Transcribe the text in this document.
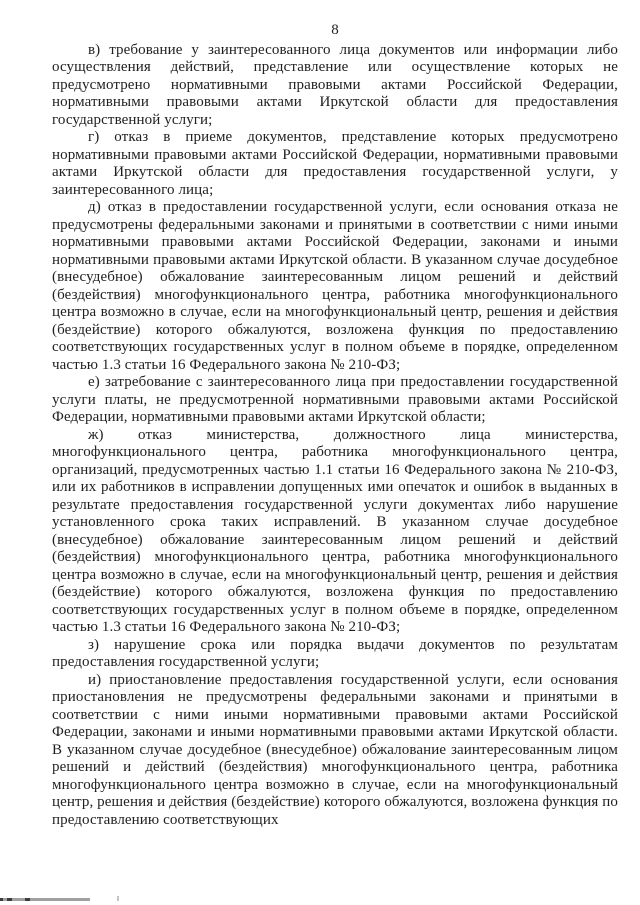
8

в) требование у заинтересованного лица документов или информации либо осуществления действий, представление или осуществление которых не предусмотрено нормативными правовыми актами Российской Федерации, нормативными правовыми актами Иркутской области для предоставления государственной услуги;

г) отказ в приеме документов, представление которых предусмотрено нормативными правовыми актами Российской Федерации, нормативными правовыми актами Иркутской области для предоставления государственной услуги, у заинтересованного лица;

д) отказ в предоставлении государственной услуги, если основания отказа не предусмотрены федеральными законами и принятыми в соответствии с ними иными нормативными правовыми актами Российской Федерации, законами и иными нормативными правовыми актами Иркутской области. В указанном случае досудебное (внесудебное) обжалование заинтересованным лицом решений и действий (бездействия) многофункционального центра, работника многофункционального центра возможно в случае, если на многофункциональный центр, решения и действия (бездействие) которого обжалуются, возложена функция по предоставлению соответствующих государственных услуг в полном объеме в порядке, определенном частью 1.3 статьи 16 Федерального закона № 210-ФЗ;

е) затребование с заинтересованного лица при предоставлении государственной услуги платы, не предусмотренной нормативными правовыми актами Российской Федерации, нормативными правовыми актами Иркутской области;

ж) отказ министерства, должностного лица министерства, многофункционального центра, работника многофункционального центра, организаций, предусмотренных частью 1.1 статьи 16 Федерального закона № 210-ФЗ, или их работников в исправлении допущенных ими опечаток и ошибок в выданных в результате предоставления государственной услуги документах либо нарушение установленного срока таких исправлений. В указанном случае досудебное (внесудебное) обжалование заинтересованным лицом решений и действий (бездействия) многофункционального центра, работника многофункционального центра возможно в случае, если на многофункциональный центр, решения и действия (бездействие) которого обжалуются, возложена функция по предоставлению соответствующих государственных услуг в полном объеме в порядке, определенном частью 1.3 статьи 16 Федерального закона № 210-ФЗ;

з) нарушение срока или порядка выдачи документов по результатам предоставления государственной услуги;

и) приостановление предоставления государственной услуги, если основания приостановления не предусмотрены федеральными законами и принятыми в соответствии с ними иными нормативными правовыми актами Российской Федерации, законами и иными нормативными правовыми актами Иркутской области. В указанном случае досудебное (внесудебное) обжалование заинтересованным лицом решений и действий (бездействия) многофункционального центра, работника многофункционального центра возможно в случае, если на многофункциональный центр, решения и действия (бездействие) которого обжалуются, возложена функция по предоставлению соответствующих
